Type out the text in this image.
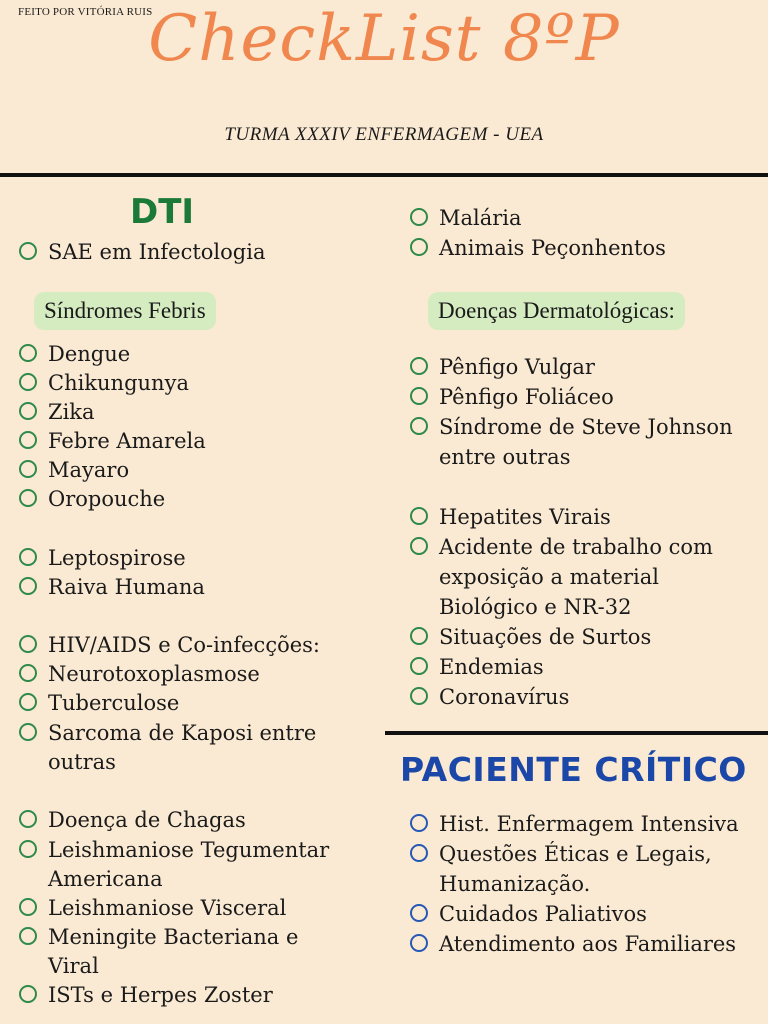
FEITO POR VITÓRIA RUIS
CheckList 8ºP
TURMA XXXIV ENFERMAGEM - UEA
DTI
SAE em Infectologia
Síndromes Febris
Dengue
Chikungunya
Zika
Febre Amarela
Mayaro
Oropouche
Leptospirose
Raiva Humana
HIV/AIDS e Co-infecções:
Neurotoxoplasmose
Tuberculose
Sarcoma de Kaposi entre
outras
Doença de Chagas
Leishmaniose Tegumentar
Americana
Leishmaniose Visceral
Meningite Bacteriana e
Viral
ISTs e Herpes Zoster
Malária
Animais Peçonhentos
Doenças Dermatológicas:
Pênfigo Vulgar
Pênfigo Foliáceo
Síndrome de Steve Johnson
entre outras
Hepatites Virais
Acidente de trabalho com
exposição a material
Biológico e NR-32
Situações de Surtos
Endemias
Coronavírus
PACIENTE CRÍTICO
Hist. Enfermagem Intensiva
Questões Éticas e Legais,
Humanização.
Cuidados Paliativos
Atendimento aos Familiares
